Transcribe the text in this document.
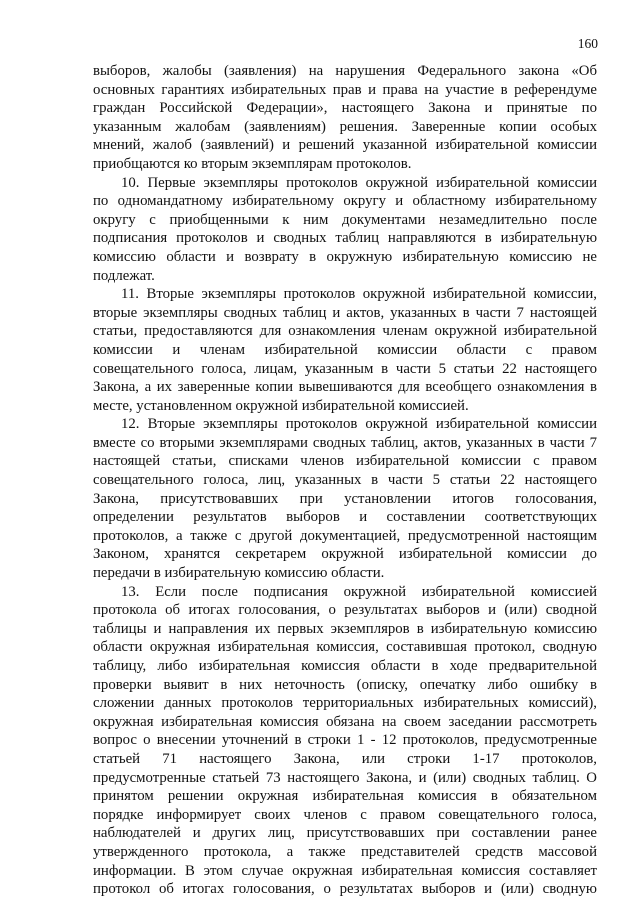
160
выборов, жалобы (заявления) на нарушения Федерального закона «Об
основных гарантиях избирательных прав и права на участие в референдуме
граждан Российской Федерации», настоящего Закона и принятые по
указанным жалобам (заявлениям) решения. Заверенные копии особых
мнений, жалоб (заявлений) и решений указанной избирательной комиссии
приобщаются ко вторым экземплярам протоколов.
10. Первые экземпляры протоколов окружной избирательной комиссии
по одномандатному избирательному округу и областному избирательному
округу с приобщенными к ним документами незамедлительно после
подписания протоколов и сводных таблиц направляются в избирательную
комиссию области и возврату в окружную избирательную комиссию не
подлежат.
11. Вторые экземпляры протоколов окружной избирательной комиссии,
вторые экземпляры сводных таблиц и актов, указанных в части 7 настоящей
статьи, предоставляются для ознакомления членам окружной избирательной
комиссии и членам избирательной комиссии области с правом
совещательного голоса, лицам, указанным в части 5 статьи 22 настоящего
Закона, а их заверенные копии вывешиваются для всеобщего ознакомления в
месте, установленном окружной избирательной комиссией.
12. Вторые экземпляры протоколов окружной избирательной комиссии
вместе со вторыми экземплярами сводных таблиц, актов, указанных в части 7
настоящей статьи, списками членов избирательной комиссии с правом
совещательного голоса, лиц, указанных в части 5 статьи 22 настоящего
Закона, присутствовавших при установлении итогов голосования,
определении результатов выборов и составлении соответствующих
протоколов, а также с другой документацией, предусмотренной настоящим
Законом, хранятся секретарем окружной избирательной комиссии до
передачи в избирательную комиссию области.
13. Если после подписания окружной избирательной комиссией
протокола об итогах голосования, о результатах выборов и (или) сводной
таблицы и направления их первых экземпляров в избирательную комиссию
области окружная избирательная комиссия, составившая протокол, сводную
таблицу, либо избирательная комиссия области в ходе предварительной
проверки выявит в них неточность (описку, опечатку либо ошибку в
сложении данных протоколов территориальных избирательных комиссий),
окружная избирательная комиссия обязана на своем заседании рассмотреть
вопрос о внесении уточнений в строки 1 - 12 протоколов, предусмотренные
статьей 71 настоящего Закона, или строки 1-17 протоколов,
предусмотренные статьей 73 настоящего Закона, и (или) сводных таблиц. О
принятом решении окружная избирательная комиссия в обязательном
порядке информирует своих членов с правом совещательного голоса,
наблюдателей и других лиц, присутствовавших при составлении ранее
утвержденного протокола, а также представителей средств массовой
информации. В этом случае окружная избирательная комиссия составляет
протокол об итогах голосования, о результатах выборов и (или) сводную
